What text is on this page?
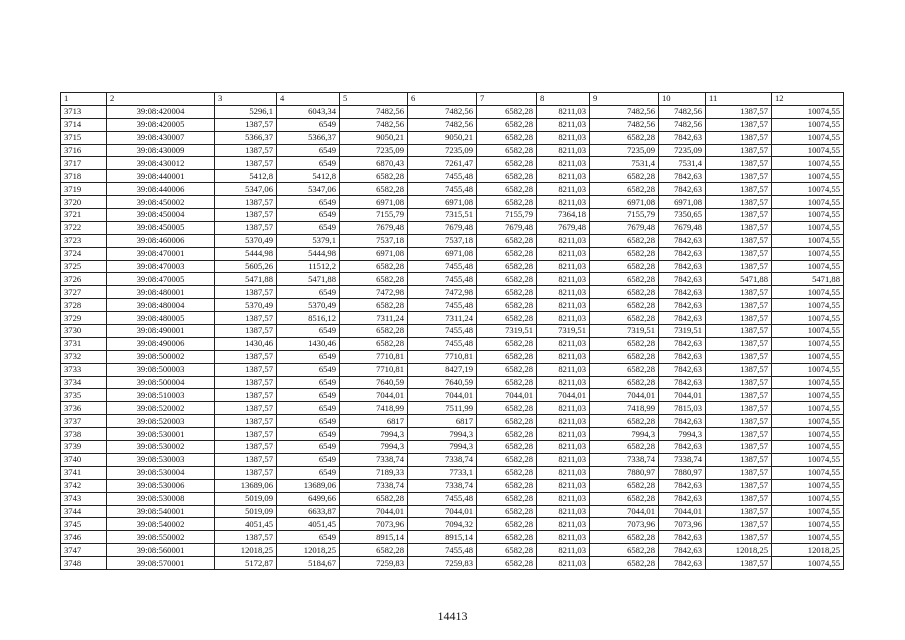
1	2	3	4	5	6	7	8	9	10	11	12
3713	39:08:420004	5296,1	6043,34	7482,56	7482,56	6582,28	8211,03	7482,56	7482,56	1387,57	10074,55
3714	39:08:420005	1387,57	6549	7482,56	7482,56	6582,28	8211,03	7482,56	7482,56	1387,57	10074,55
3715	39:08:430007	5366,37	5366,37	9050,21	9050,21	6582,28	8211,03	6582,28	7842,63	1387,57	10074,55
3716	39:08:430009	1387,57	6549	7235,09	7235,09	6582,28	8211,03	7235,09	7235,09	1387,57	10074,55
3717	39:08:430012	1387,57	6549	6870,43	7261,47	6582,28	8211,03	7531,4	7531,4	1387,57	10074,55
3718	39:08:440001	5412,8	5412,8	6582,28	7455,48	6582,28	8211,03	6582,28	7842,63	1387,57	10074,55
3719	39:08:440006	5347,06	5347,06	6582,28	7455,48	6582,28	8211,03	6582,28	7842,63	1387,57	10074,55
3720	39:08:450002	1387,57	6549	6971,08	6971,08	6582,28	8211,03	6971,08	6971,08	1387,57	10074,55
3721	39:08:450004	1387,57	6549	7155,79	7315,51	7155,79	7364,18	7155,79	7350,65	1387,57	10074,55
3722	39:08:450005	1387,57	6549	7679,48	7679,48	7679,48	7679,48	7679,48	7679,48	1387,57	10074,55
3723	39:08:460006	5370,49	5379,1	7537,18	7537,18	6582,28	8211,03	6582,28	7842,63	1387,57	10074,55
3724	39:08:470001	5444,98	5444,98	6971,08	6971,08	6582,28	8211,03	6582,28	7842,63	1387,57	10074,55
3725	39:08:470003	5605,26	11512,2	6582,28	7455,48	6582,28	8211,03	6582,28	7842,63	1387,57	10074,55
3726	39:08:470005	5471,88	5471,88	6582,28	7455,48	6582,28	8211,03	6582,28	7842,63	5471,88	5471,88
3727	39:08:480001	1387,57	6549	7472,98	7472,98	6582,28	8211,03	6582,28	7842,63	1387,57	10074,55
3728	39:08:480004	5370,49	5370,49	6582,28	7455,48	6582,28	8211,03	6582,28	7842,63	1387,57	10074,55
3729	39:08:480005	1387,57	8516,12	7311,24	7311,24	6582,28	8211,03	6582,28	7842,63	1387,57	10074,55
3730	39:08:490001	1387,57	6549	6582,28	7455,48	7319,51	7319,51	7319,51	7319,51	1387,57	10074,55
3731	39:08:490006	1430,46	1430,46	6582,28	7455,48	6582,28	8211,03	6582,28	7842,63	1387,57	10074,55
3732	39:08:500002	1387,57	6549	7710,81	7710,81	6582,28	8211,03	6582,28	7842,63	1387,57	10074,55
3733	39:08:500003	1387,57	6549	7710,81	8427,19	6582,28	8211,03	6582,28	7842,63	1387,57	10074,55
3734	39:08:500004	1387,57	6549	7640,59	7640,59	6582,28	8211,03	6582,28	7842,63	1387,57	10074,55
3735	39:08:510003	1387,57	6549	7044,01	7044,01	7044,01	7044,01	7044,01	7044,01	1387,57	10074,55
3736	39:08:520002	1387,57	6549	7418,99	7511,99	6582,28	8211,03	7418,99	7815,03	1387,57	10074,55
3737	39:08:520003	1387,57	6549	6817	6817	6582,28	8211,03	6582,28	7842,63	1387,57	10074,55
3738	39:08:530001	1387,57	6549	7994,3	7994,3	6582,28	8211,03	7994,3	7994,3	1387,57	10074,55
3739	39:08:530002	1387,57	6549	7994,3	7994,3	6582,28	8211,03	6582,28	7842,63	1387,57	10074,55
3740	39:08:530003	1387,57	6549	7338,74	7338,74	6582,28	8211,03	7338,74	7338,74	1387,57	10074,55
3741	39:08:530004	1387,57	6549	7189,33	7733,1	6582,28	8211,03	7880,97	7880,97	1387,57	10074,55
3742	39:08:530006	13689,06	13689,06	7338,74	7338,74	6582,28	8211,03	6582,28	7842,63	1387,57	10074,55
3743	39:08:530008	5019,09	6499,66	6582,28	7455,48	6582,28	8211,03	6582,28	7842,63	1387,57	10074,55
3744	39:08:540001	5019,09	6633,87	7044,01	7044,01	6582,28	8211,03	7044,01	7044,01	1387,57	10074,55
3745	39:08:540002	4051,45	4051,45	7073,96	7094,32	6582,28	8211,03	7073,96	7073,96	1387,57	10074,55
3746	39:08:550002	1387,57	6549	8915,14	8915,14	6582,28	8211,03	6582,28	7842,63	1387,57	10074,55
3747	39:08:560001	12018,25	12018,25	6582,28	7455,48	6582,28	8211,03	6582,28	7842,63	12018,25	12018,25
3748	39:08:570001	5172,87	5184,67	7259,83	7259,83	6582,28	8211,03	6582,28	7842,63	1387,57	10074,55
14413
